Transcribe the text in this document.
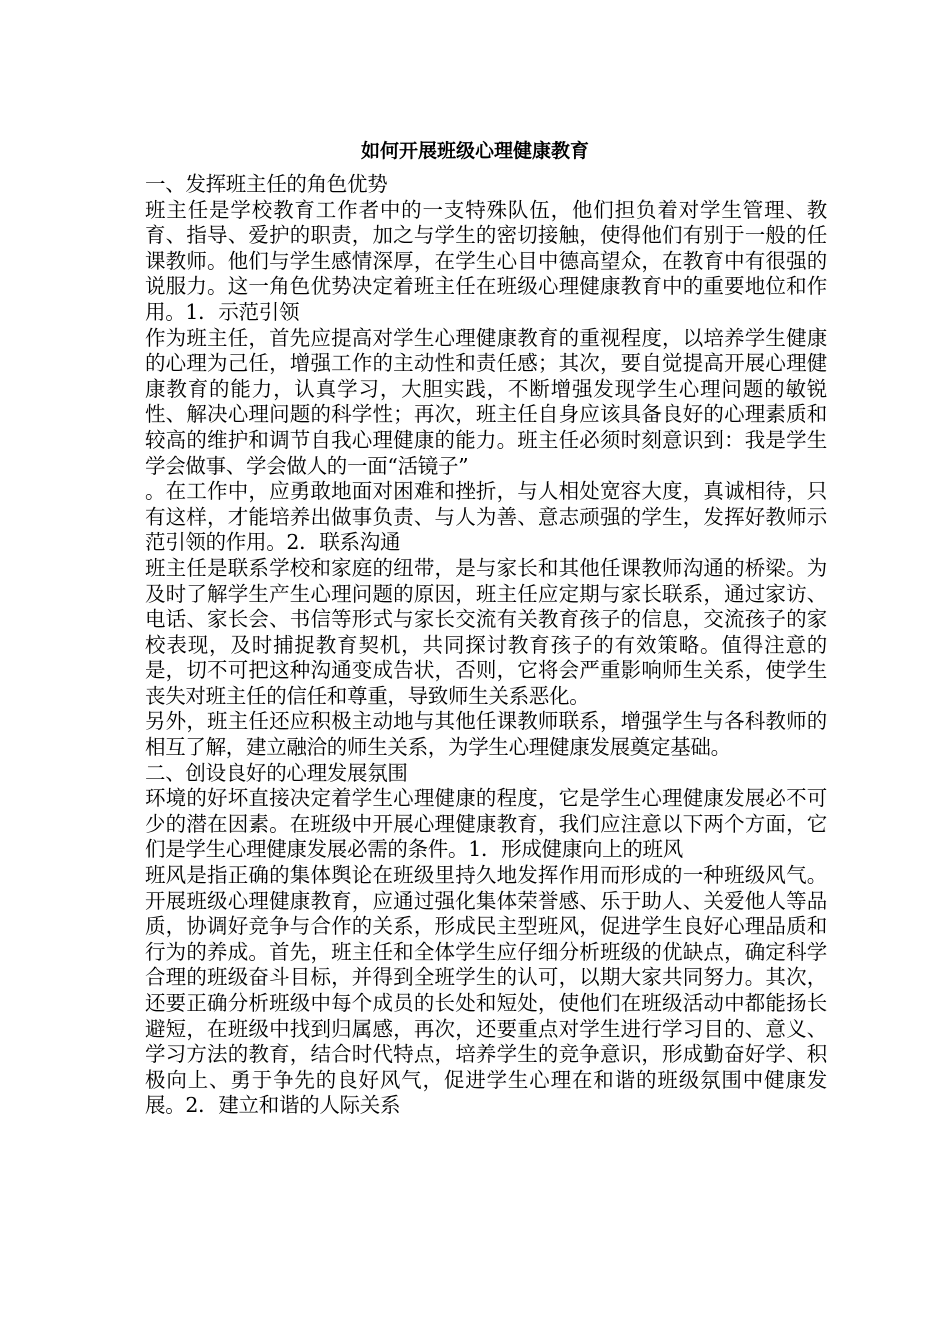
如何开展班级心理健康教育

一、发挥班主任的角色优势

班主任是学校教育工作者中的一支特殊队伍，他们担负着对学生管理、教育、指导、爱护的职责，加之与学生的密切接触，使得他们有别于一般的任课教师。他们与学生感情深厚，在学生心目中德高望众，在教育中有很强的说服力。这一角色优势决定着班主任在班级心理健康教育中的重要地位和作用。1．示范引领

作为班主任，首先应提高对学生心理健康教育的重视程度，以培养学生健康的心理为己任，增强工作的主动性和责任感；其次，要自觉提高开展心理健康教育的能力，认真学习，大胆实践，不断增强发现学生心理问题的敏锐性、解决心理问题的科学性；再次，班主任自身应该具备良好的心理素质和较高的维护和调节自我心理健康的能力。班主任必须时刻意识到：我是学生学会做事、学会做人的一面“活镜子”

。在工作中，应勇敢地面对困难和挫折，与人相处宽容大度，真诚相待，只有这样，才能培养出做事负责、与人为善、意志顽强的学生，发挥好教师示范引领的作用。2．联系沟通

班主任是联系学校和家庭的纽带，是与家长和其他任课教师沟通的桥梁。为及时了解学生产生心理问题的原因，班主任应定期与家长联系，通过家访、电话、家长会、书信等形式与家长交流有关教育孩子的信息，交流孩子的家校表现，及时捕捉教育契机，共同探讨教育孩子的有效策略。值得注意的是，切不可把这种沟通变成告状，否则，它将会严重影响师生关系，使学生丧失对班主任的信任和尊重，导致师生关系恶化。

另外，班主任还应积极主动地与其他任课教师联系，增强学生与各科教师的相互了解，建立融洽的师生关系，为学生心理健康发展奠定基础。

二、创设良好的心理发展氛围

环境的好坏直接决定着学生心理健康的程度，它是学生心理健康发展必不可少的潜在因素。在班级中开展心理健康教育，我们应注意以下两个方面，它们是学生心理健康发展必需的条件。1．形成健康向上的班风

班风是指正确的集体舆论在班级里持久地发挥作用而形成的一种班级风气。开展班级心理健康教育，应通过强化集体荣誉感、乐于助人、关爱他人等品质，协调好竞争与合作的关系，形成民主型班风，促进学生良好心理品质和行为的养成。首先，班主任和全体学生应仔细分析班级的优缺点，确定科学合理的班级奋斗目标，并得到全班学生的认可，以期大家共同努力。其次，还要正确分析班级中每个成员的长处和短处，使他们在班级活动中都能扬长避短，在班级中找到归属感，再次，还要重点对学生进行学习目的、意义、学习方法的教育，结合时代特点，培养学生的竞争意识，形成勤奋好学、积极向上、勇于争先的良好风气，促进学生心理在和谐的班级氛围中健康发展。2．建立和谐的人际关系
